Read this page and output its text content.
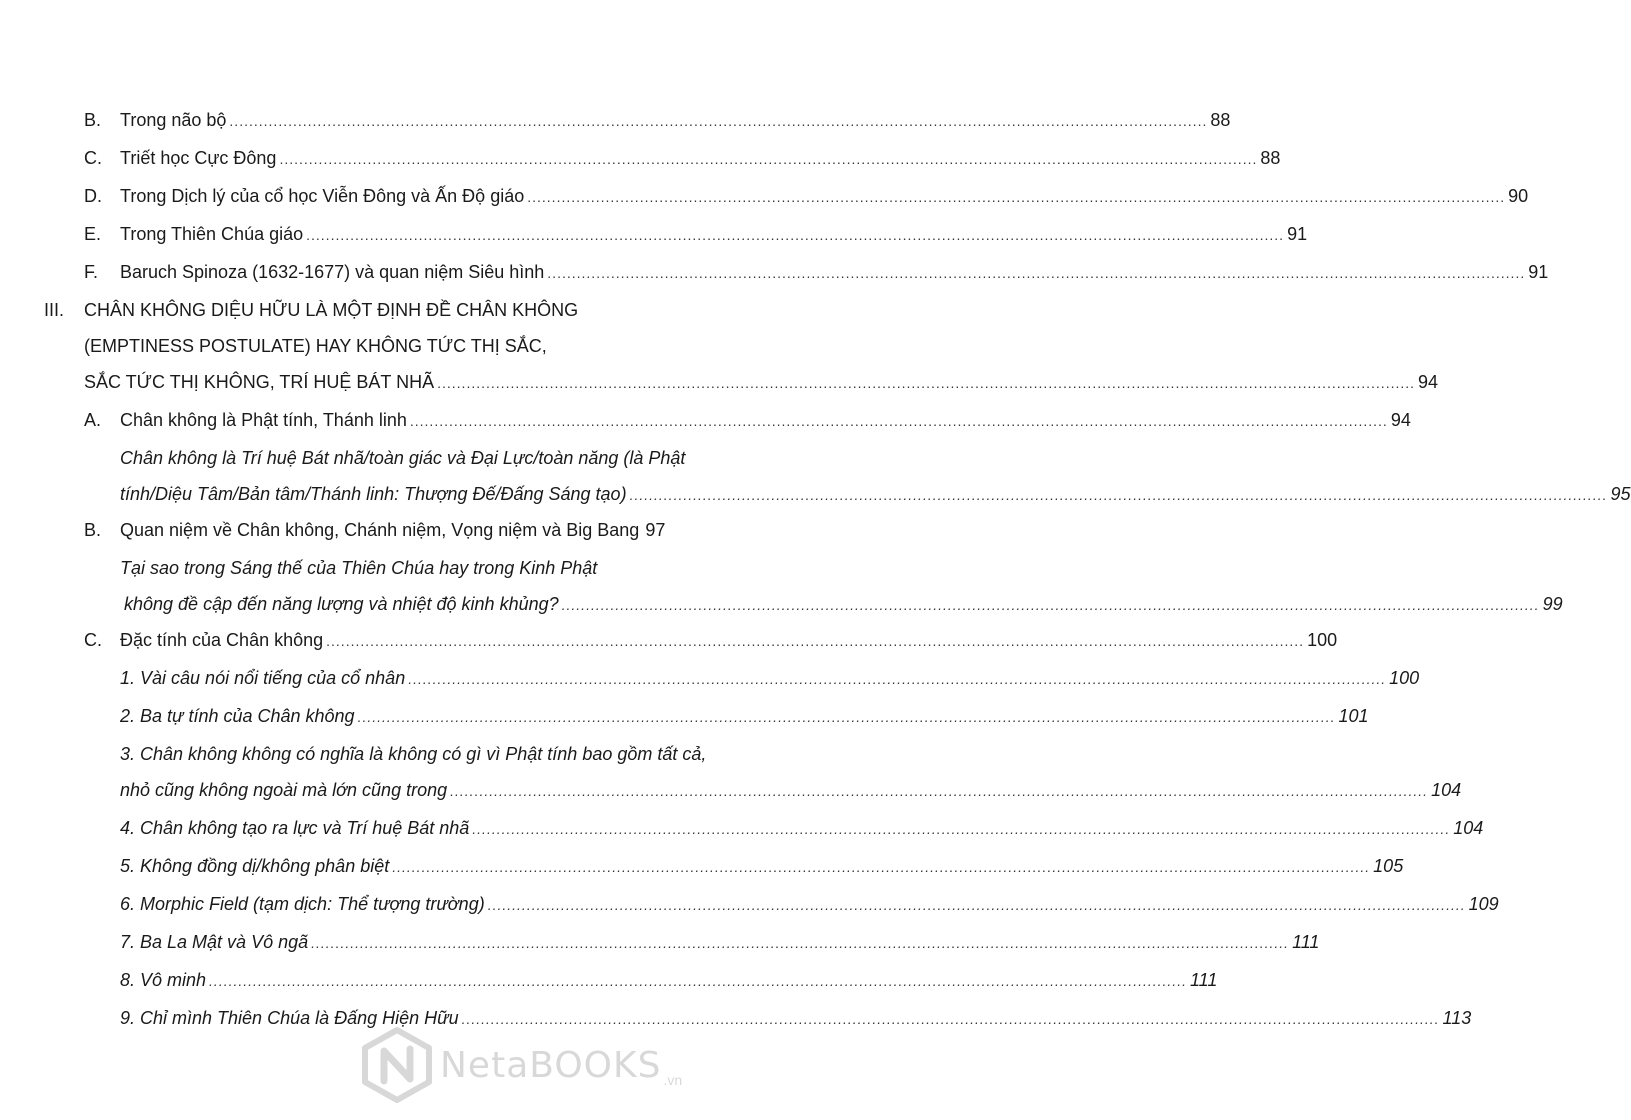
B. Trong não bộ ........................................................................................................................................................................................................ 88
C. Triết học Cực Đông ........................................................................................................................................................................................................ 88
D. Trong Dịch lý của cổ học Viễn Đông và Ấn Độ giáo ........................................................................................................................................................................................................ 90
E. Trong Thiên Chúa giáo ........................................................................................................................................................................................................ 91
F. Baruch Spinoza (1632-1677) và quan niệm Siêu hình ........................................................................................................................................................................................................ 91
III. CHÂN KHÔNG DIỆU HỮU LÀ MỘT ĐỊNH ĐỀ CHÂN KHÔNG
(EMPTINESS POSTULATE) HAY KHÔNG TỨC THỊ SẮC,
SẮC TỨC THỊ KHÔNG, TRÍ HUỆ BÁT NHÃ ........................................................................................................................................................................................................ 94
A. Chân không là Phật tính, Thánh linh ........................................................................................................................................................................................................ 94
Chân không là Trí huệ Bát nhã/toàn giác và Đại Lực/toàn năng (là Phật
tính/Diệu Tâm/Bản tâm/Thánh linh: Thượng Đế/Đấng Sáng tạo) ........................................................................................................................................................................................................ 95
B. Quan niệm về Chân không, Chánh niệm, Vọng niệm và Big Bang 97
Tại sao trong Sáng thế của Thiên Chúa hay trong Kinh Phật
không đề cập đến năng lượng và nhiệt độ kinh khủng? ........................................................................................................................................................................................................ 99
C. Đặc tính của Chân không ........................................................................................................................................................................................................ 100
1. Vài câu nói nổi tiếng của cổ nhân ........................................................................................................................................................................................................ 100
2. Ba tự tính của Chân không ........................................................................................................................................................................................................ 101
3. Chân không không có nghĩa là không có gì vì Phật tính bao gồm tất cả,
nhỏ cũng không ngoài mà lớn cũng trong ........................................................................................................................................................................................................ 104
4. Chân không tạo ra lực và Trí huệ Bát nhã ........................................................................................................................................................................................................ 104
5. Không đồng dị/không phân biệt ........................................................................................................................................................................................................ 105
6. Morphic Field (tạm dịch: Thể tượng trường) ........................................................................................................................................................................................................ 109
7. Ba La Mật và Vô ngã ........................................................................................................................................................................................................ 111
8. Vô minh ........................................................................................................................................................................................................ 111
9. Chỉ mình Thiên Chúa là Đấng Hiện Hữu ........................................................................................................................................................................................................ 113
NetaBOOKS .vn
